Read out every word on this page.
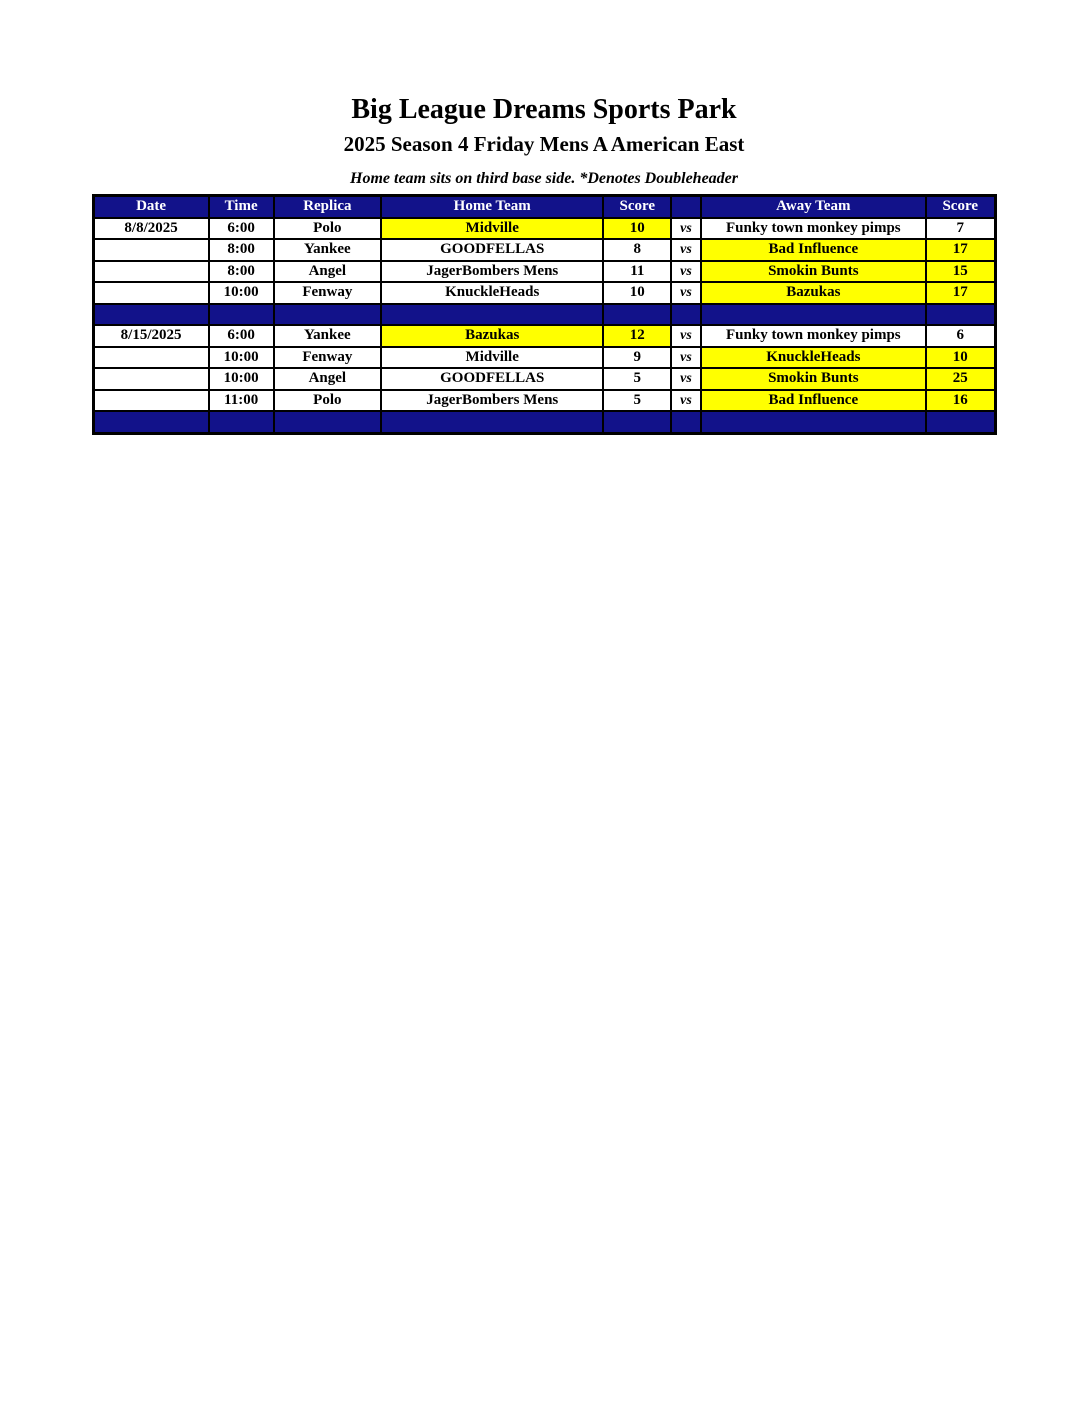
Big League Dreams Sports Park
2025 Season 4 Friday Mens A American East
Home team sits on third base side. *Denotes Doubleheader
Date	Time	Replica	Home Team	Score		Away Team	Score
8/8/2025	6:00	Polo	Midville	10	vs	Funky town monkey pimps	7
	8:00	Yankee	GOODFELLAS	8	vs	Bad Influence	17
	8:00	Angel	JagerBombers Mens	11	vs	Smokin Bunts	15
	10:00	Fenway	KnuckleHeads	10	vs	Bazukas	17

8/15/2025	6:00	Yankee	Bazukas	12	vs	Funky town monkey pimps	6
	10:00	Fenway	Midville	9	vs	KnuckleHeads	10
	10:00	Angel	GOODFELLAS	5	vs	Smokin Bunts	25
	11:00	Polo	JagerBombers Mens	5	vs	Bad Influence	16
